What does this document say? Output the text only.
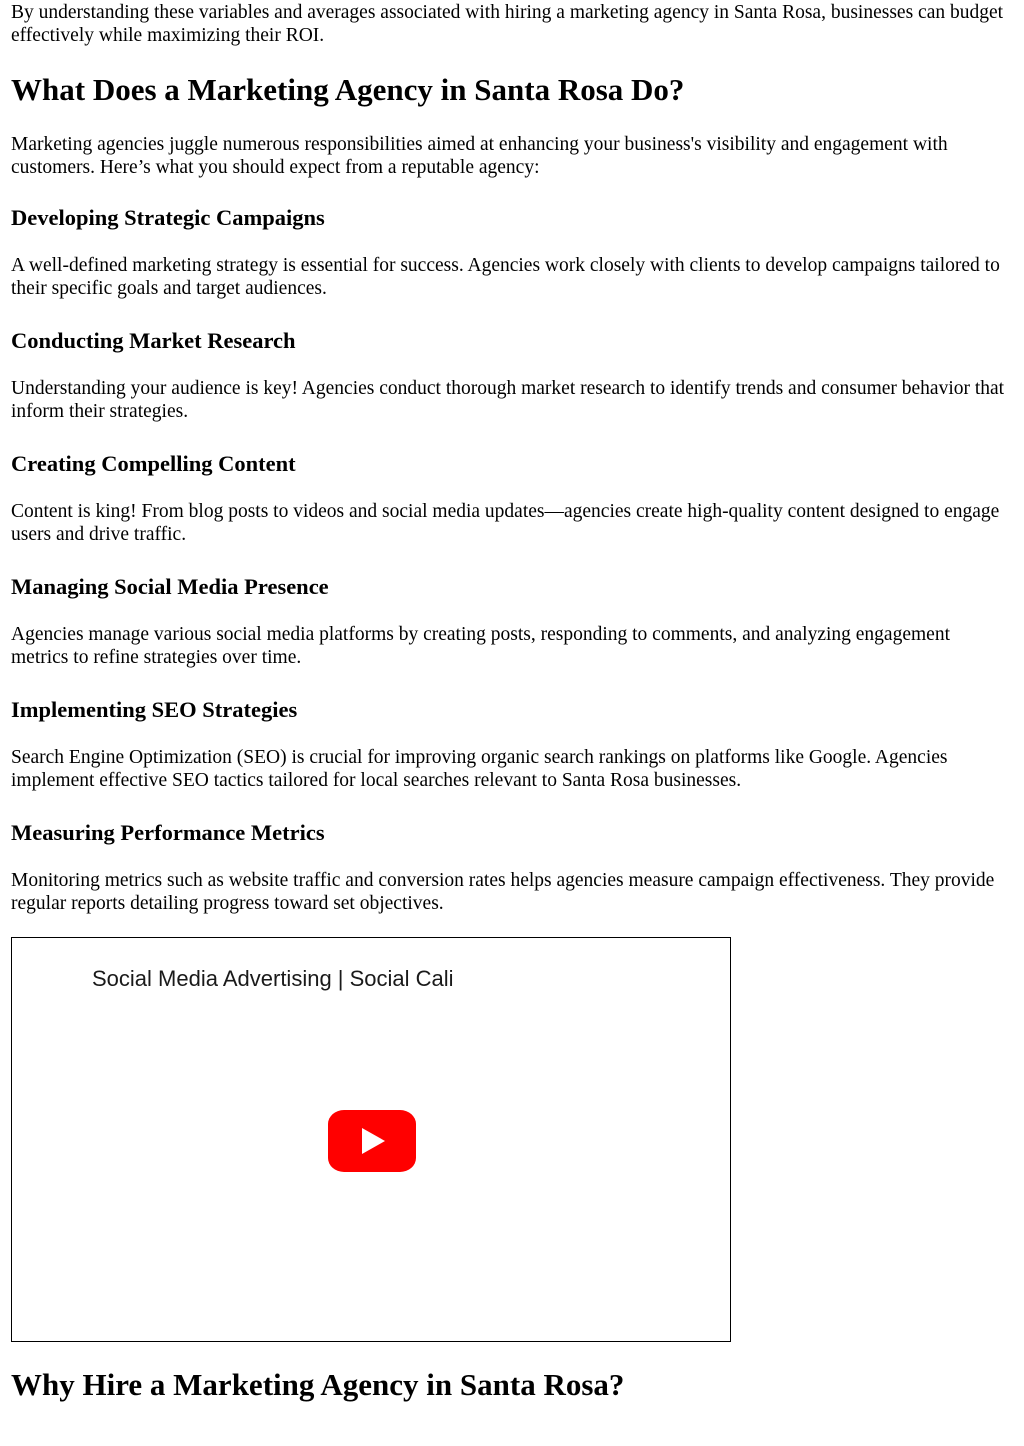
By understanding these variables and averages associated with hiring a marketing agency in Santa Rosa, businesses can budget effectively while maximizing their ROI.

What Does a Marketing Agency in Santa Rosa Do?

Marketing agencies juggle numerous responsibilities aimed at enhancing your business's visibility and engagement with customers. Here’s what you should expect from a reputable agency:

Developing Strategic Campaigns

A well-defined marketing strategy is essential for success. Agencies work closely with clients to develop campaigns tailored to their specific goals and target audiences.

Conducting Market Research

Understanding your audience is key! Agencies conduct thorough market research to identify trends and consumer behavior that inform their strategies.

Creating Compelling Content

Content is king! From blog posts to videos and social media updates—agencies create high-quality content designed to engage users and drive traffic.

Managing Social Media Presence

Agencies manage various social media platforms by creating posts, responding to comments, and analyzing engagement metrics to refine strategies over time.

Implementing SEO Strategies

Search Engine Optimization (SEO) is crucial for improving organic search rankings on platforms like Google. Agencies implement effective SEO tactics tailored for local searches relevant to Santa Rosa businesses.

Measuring Performance Metrics

Monitoring metrics such as website traffic and conversion rates helps agencies measure campaign effectiveness. They provide regular reports detailing progress toward set objectives.

Social Media Advertising | Social Cali
Why Hire a Marketing Agency in Santa Rosa?
